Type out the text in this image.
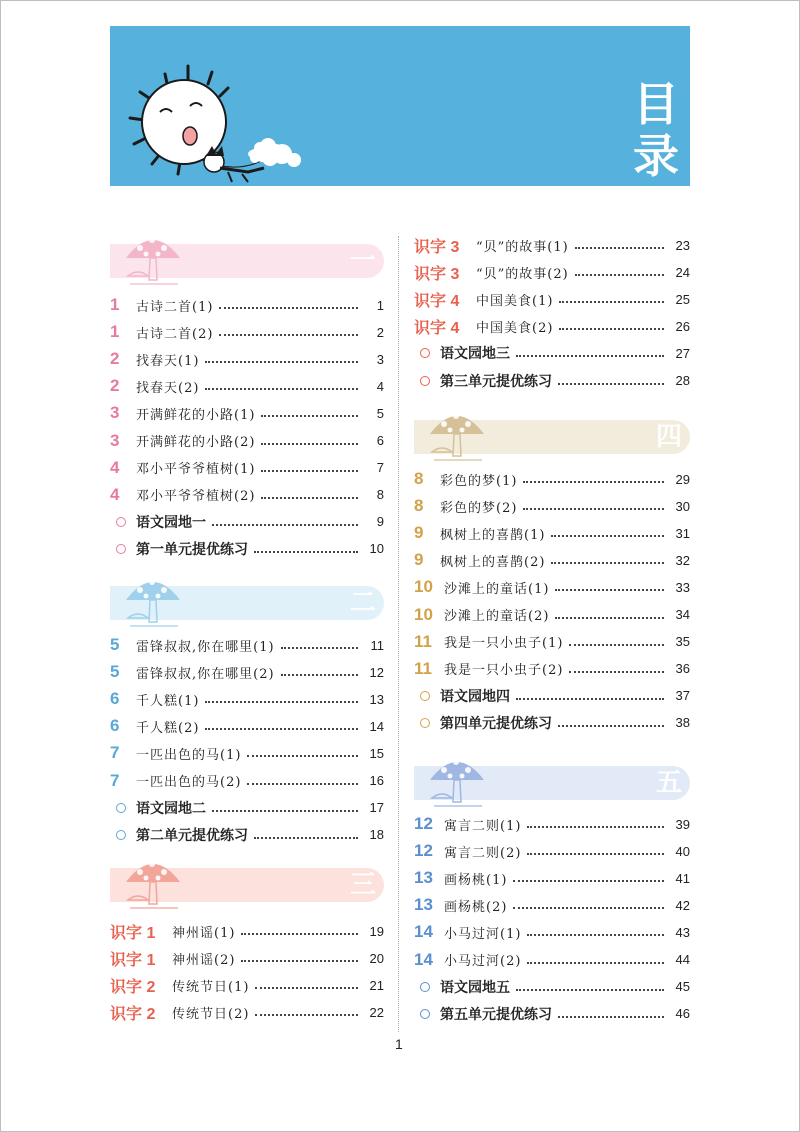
目
录
一
1	古诗二首(1)	1
1	古诗二首(2)	2
2	找春天(1)	3
2	找春天(2)	4
3	开满鲜花的小路(1)	5
3	开满鲜花的小路(2)	6
4	邓小平爷爷植树(1)	7
4	邓小平爷爷植树(2)	8
语文园地一	9
第一单元提优练习	10
二
5	雷锋叔叔,你在哪里(1)	11
5	雷锋叔叔,你在哪里(2)	12
6	千人糕(1)	13
6	千人糕(2)	14
7	一匹出色的马(1)	15
7	一匹出色的马(2)	16
语文园地二	17
第二单元提优练习	18
三
识字 1	神州谣(1)	19
识字 1	神州谣(2)	20
识字 2	传统节日(1)	21
识字 2	传统节日(2)	22
识字 3	“贝”的故事(1)	23
识字 3	“贝”的故事(2)	24
识字 4	中国美食(1)	25
识字 4	中国美食(2)	26
语文园地三	27
第三单元提优练习	28
四
8	彩色的梦(1)	29
8	彩色的梦(2)	30
9	枫树上的喜鹊(1)	31
9	枫树上的喜鹊(2)	32
10 沙滩上的童话(1)	33
10 沙滩上的童话(2)	34
11 我是一只小虫子(1)	35
11 我是一只小虫子(2)	36
语文园地四	37
第四单元提优练习	38
五
12 寓言二则(1)	39
12 寓言二则(2)	40
13 画杨桃(1)	41
13 画杨桃(2)	42
14 小马过河(1)	43
14 小马过河(2)	44
语文园地五	45
第五单元提优练习	46
1
